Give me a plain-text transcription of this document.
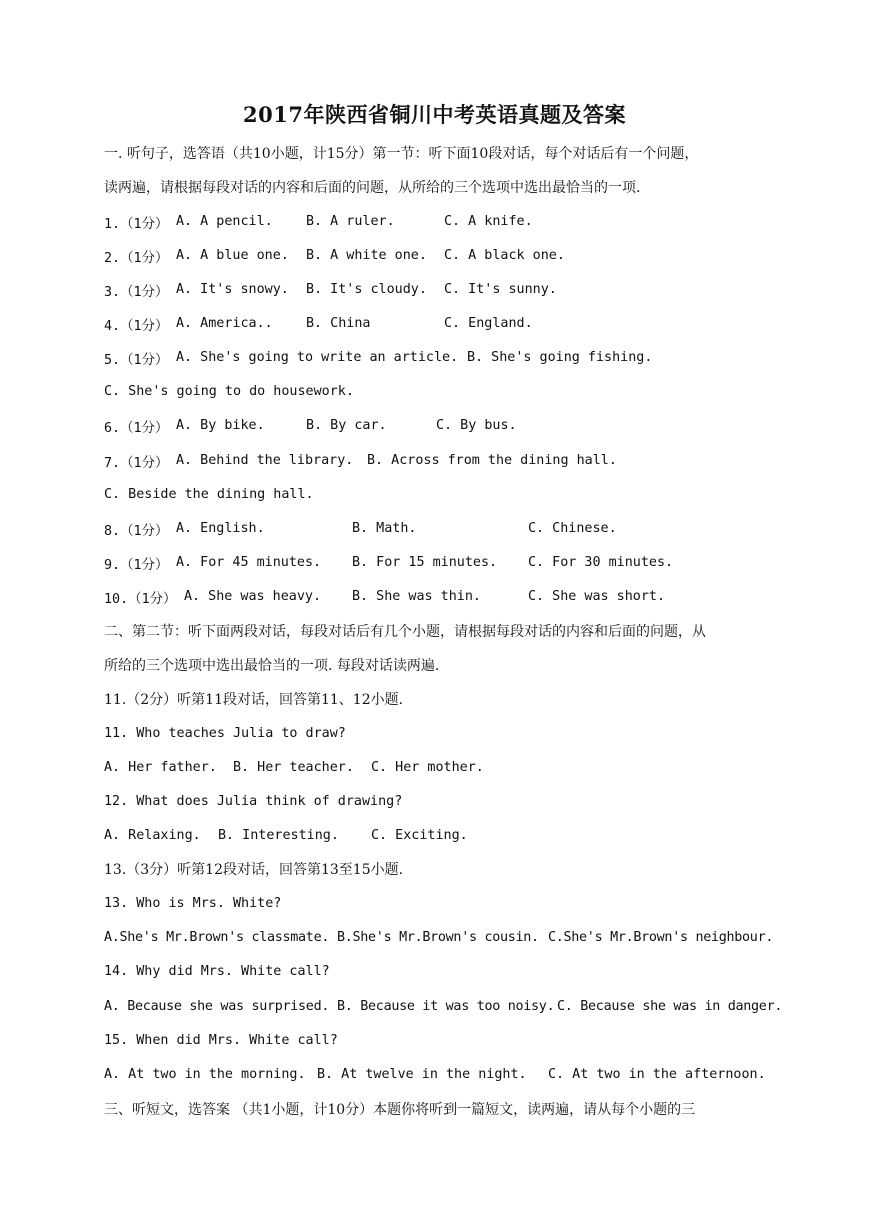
2017年陕西省铜川中考英语真题及答案
一. 听句子，选答语（共10小题，计15分）第一节：听下面10段对话，每个对话后有一个问题，
读两遍，请根据每段对话的内容和后面的问题，从所给的三个选项中选出最恰当的一项.
1.（1分） A. A pencil. B. A ruler.	C. A knife.
2.（1分） A. A blue one. B. A white one. C. A black one.
3.（1分） A. It's snowy. B. It's cloudy. C. It's sunny.
4.（1分） A. America.. B. China	C. England.
5.（1分） A. She's going to write an article. B. She's going fishing.
C. She's going to do housework.
6.（1分） A. By bike.	B. By car.	C. By bus.
7.（1分） A. Behind the library. B. Across from the dining hall.
C. Beside the dining hall.
8.（1分） A. English.	B. Math.	C. Chinese.
9.（1分） A. For 45 minutes. B. For 15 minutes. C. For 30 minutes.
10.（1分） A. She was heavy. B. She was thin.	C. She was short.
二、第二节：听下面两段对话，每段对话后有几个小题，请根据每段对话的内容和后面的问题，从
所给的三个选项中选出最恰当的一项. 每段对话读两遍.
11.（2分）听第11段对话，回答第11、12小题.
11. Who teaches Julia to draw?
A. Her father. B. Her teacher. C. Her mother.
12. What does Julia think of drawing?
A. Relaxing. B. Interesting. C. Exciting.
13.（3分）听第12段对话，回答第13至15小题.
13. Who is Mrs. White?
A.She's Mr.Brown's classmate. B.She's Mr.Brown's cousin. C.She's Mr.Brown's neighbour.
14. Why did Mrs. White call?
A. Because she was surprised. B. Because it was too noisy. C. Because she was in danger.
15. When did Mrs. White call?
A. At two in the morning. B. At twelve in the night. C. At two in the afternoon.
三、听短文，选答案 （共1小题，计10分）本题你将听到一篇短文，读两遍，请从每个小题的三
